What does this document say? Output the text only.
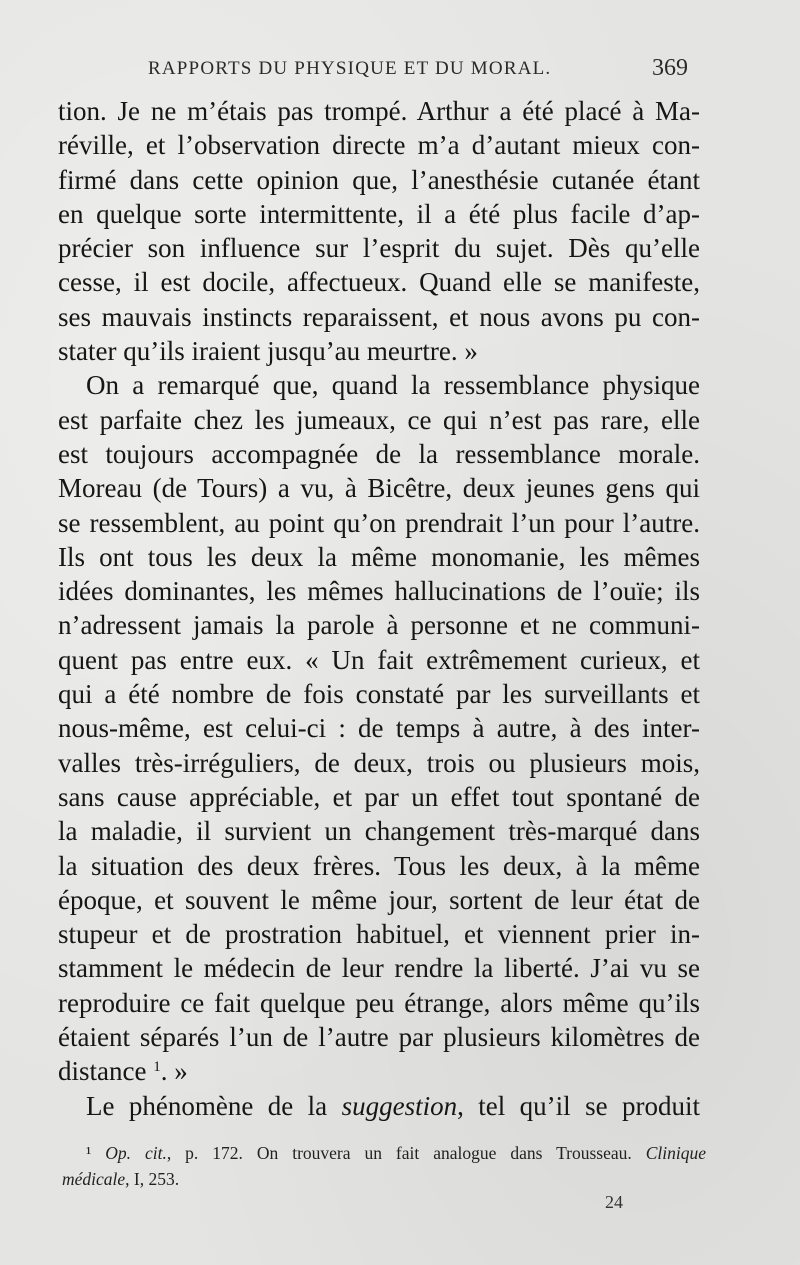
RAPPORTS DU PHYSIQUE ET DU MORAL.	369
tion. Je ne m’étais pas trompé. Arthur a été placé à Ma-
réville, et l’observation directe m’a d’autant mieux con-
firmé dans cette opinion que, l’anesthésie cutanée étant
en quelque sorte intermittente, il a été plus facile d’ap-
précier son influence sur l’esprit du sujet. Dès qu’elle
cesse, il est docile, affectueux. Quand elle se manifeste,
ses mauvais instincts reparaissent, et nous avons pu con-
stater qu’ils iraient jusqu’au meurtre. »
On a remarqué que, quand la ressemblance physique
est parfaite chez les jumeaux, ce qui n’est pas rare, elle
est toujours accompagnée de la ressemblance morale.
Moreau (de Tours) a vu, à Bicêtre, deux jeunes gens qui
se ressemblent, au point qu’on prendrait l’un pour l’autre.
Ils ont tous les deux la même monomanie, les mêmes
idées dominantes, les mêmes hallucinations de l’ouïe; ils
n’adressent jamais la parole à personne et ne communi-
quent pas entre eux. « Un fait extrêmement curieux, et
qui a été nombre de fois constaté par les surveillants et
nous-même, est celui-ci : de temps à autre, à des inter-
valles très-irréguliers, de deux, trois ou plusieurs mois,
sans cause appréciable, et par un effet tout spontané de
la maladie, il survient un changement très-marqué dans
la situation des deux frères. Tous les deux, à la même
époque, et souvent le même jour, sortent de leur état de
stupeur et de prostration habituel, et viennent prier in-
stamment le médecin de leur rendre la liberté. J’ai vu se
reproduire ce fait quelque peu étrange, alors même qu’ils
étaient séparés l’un de l’autre par plusieurs kilomètres de
distance $^1$. »
Le phénomène de la suggestion, tel qu’il se produit
¹ Op. cit., p. 172. On trouvera un fait analogue dans Trousseau. Clinique
médicale, I, 253.
24
